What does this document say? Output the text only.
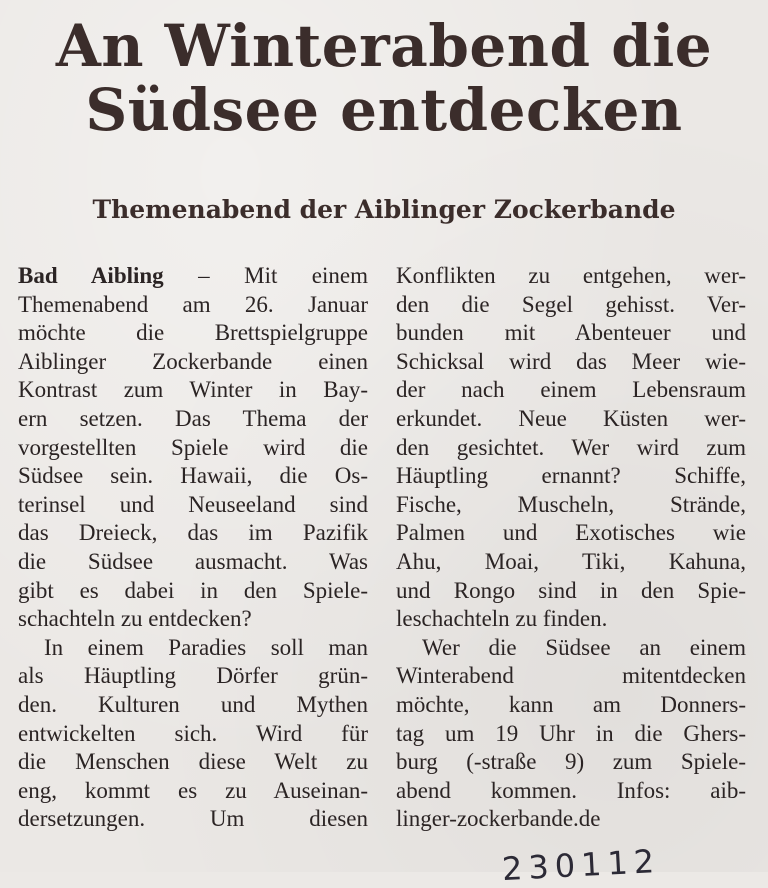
An Winterabend die
Südsee entdecken
Themenabend der Aiblinger Zockerbande
Bad Aibling – Mit einem
Themenabend am 26. Januar
möchte die Brettspielgruppe
Aiblinger Zockerbande einen
Kontrast zum Winter in Bay-
ern setzen. Das Thema der
vorgestellten Spiele wird die
Südsee sein. Hawaii, die Os-
terinsel und Neuseeland sind
das Dreieck, das im Pazifik
die Südsee ausmacht. Was
gibt es dabei in den Spiele-
schachteln zu entdecken?
In einem Paradies soll man
als Häuptling Dörfer grün-
den. Kulturen und Mythen
entwickelten sich. Wird für
die Menschen diese Welt zu
eng, kommt es zu Auseinan-
dersetzungen. Um diesen
Konflikten zu entgehen, wer-
den die Segel gehisst. Ver-
bunden mit Abenteuer und
Schicksal wird das Meer wie-
der nach einem Lebensraum
erkundet. Neue Küsten wer-
den gesichtet. Wer wird zum
Häuptling ernannt? Schiffe,
Fische, Muscheln, Strände,
Palmen und Exotisches wie
Ahu, Moai, Tiki, Kahuna,
und Rongo sind in den Spie-
leschachteln zu finden.
Wer die Südsee an einem
Winterabend mitentdecken
möchte, kann am Donners-
tag um 19 Uhr in die Ghers-
burg (-straße 9) zum Spiele-
abend kommen. Infos: aib-
linger-zockerbande.de
230112
